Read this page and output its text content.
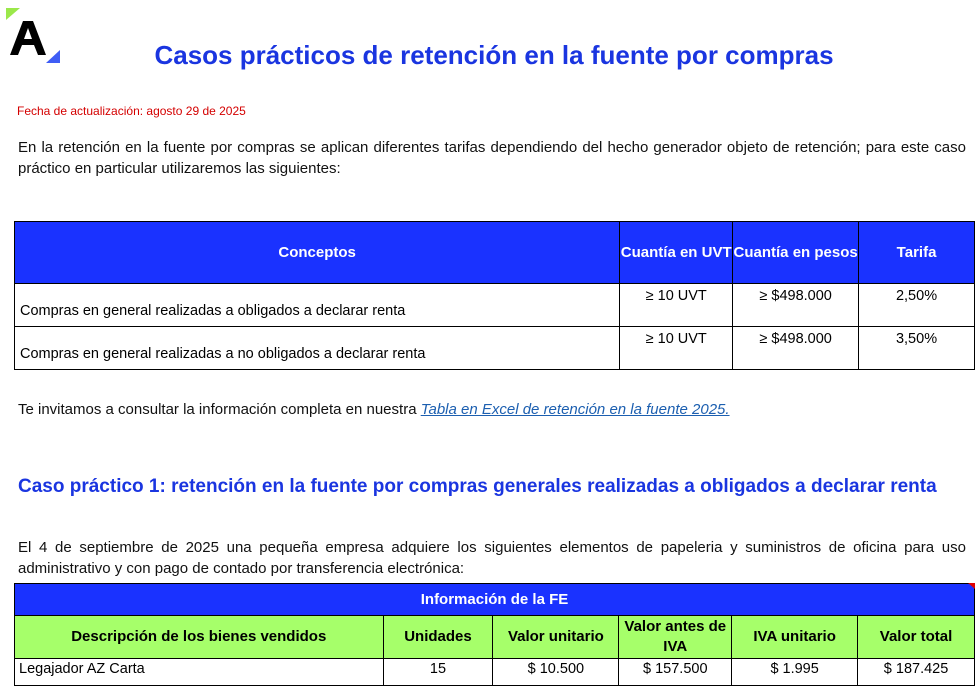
Casos prácticos de retención en la fuente por compras
Fecha de actualización: agosto 29 de 2025
En la retención en la fuente por compras se aplican diferentes tarifas dependiendo del hecho generador objeto de retención; para este caso práctico en particular utilizaremos las siguientes:
Conceptos	Cuantía en UVT	Cuantía en pesos	Tarifa
Compras en general realizadas a obligados a declarar renta	≥ 10 UVT	≥ $498.000	2,50%
Compras en general realizadas a no obligados a declarar renta	≥ 10 UVT	≥ $498.000	3,50%
Te invitamos a consultar la información completa en nuestra Tabla en Excel de retención en la fuente 2025.
Caso práctico 1: retención en la fuente por compras generales realizadas a obligados a declarar renta
El 4 de septiembre de 2025 una pequeña empresa adquiere los siguientes elementos de papeleria y suministros de oficina para uso administrativo y con pago de contado por transferencia electrónica:
Información de la FE					
Descripción de los bienes vendidos	Unidades	Valor unitario	Valor antes de IVA	IVA unitario	Valor total
Legajador AZ Carta	15	$ 10.500	$ 157.500	$ 1.995	$ 187.425
